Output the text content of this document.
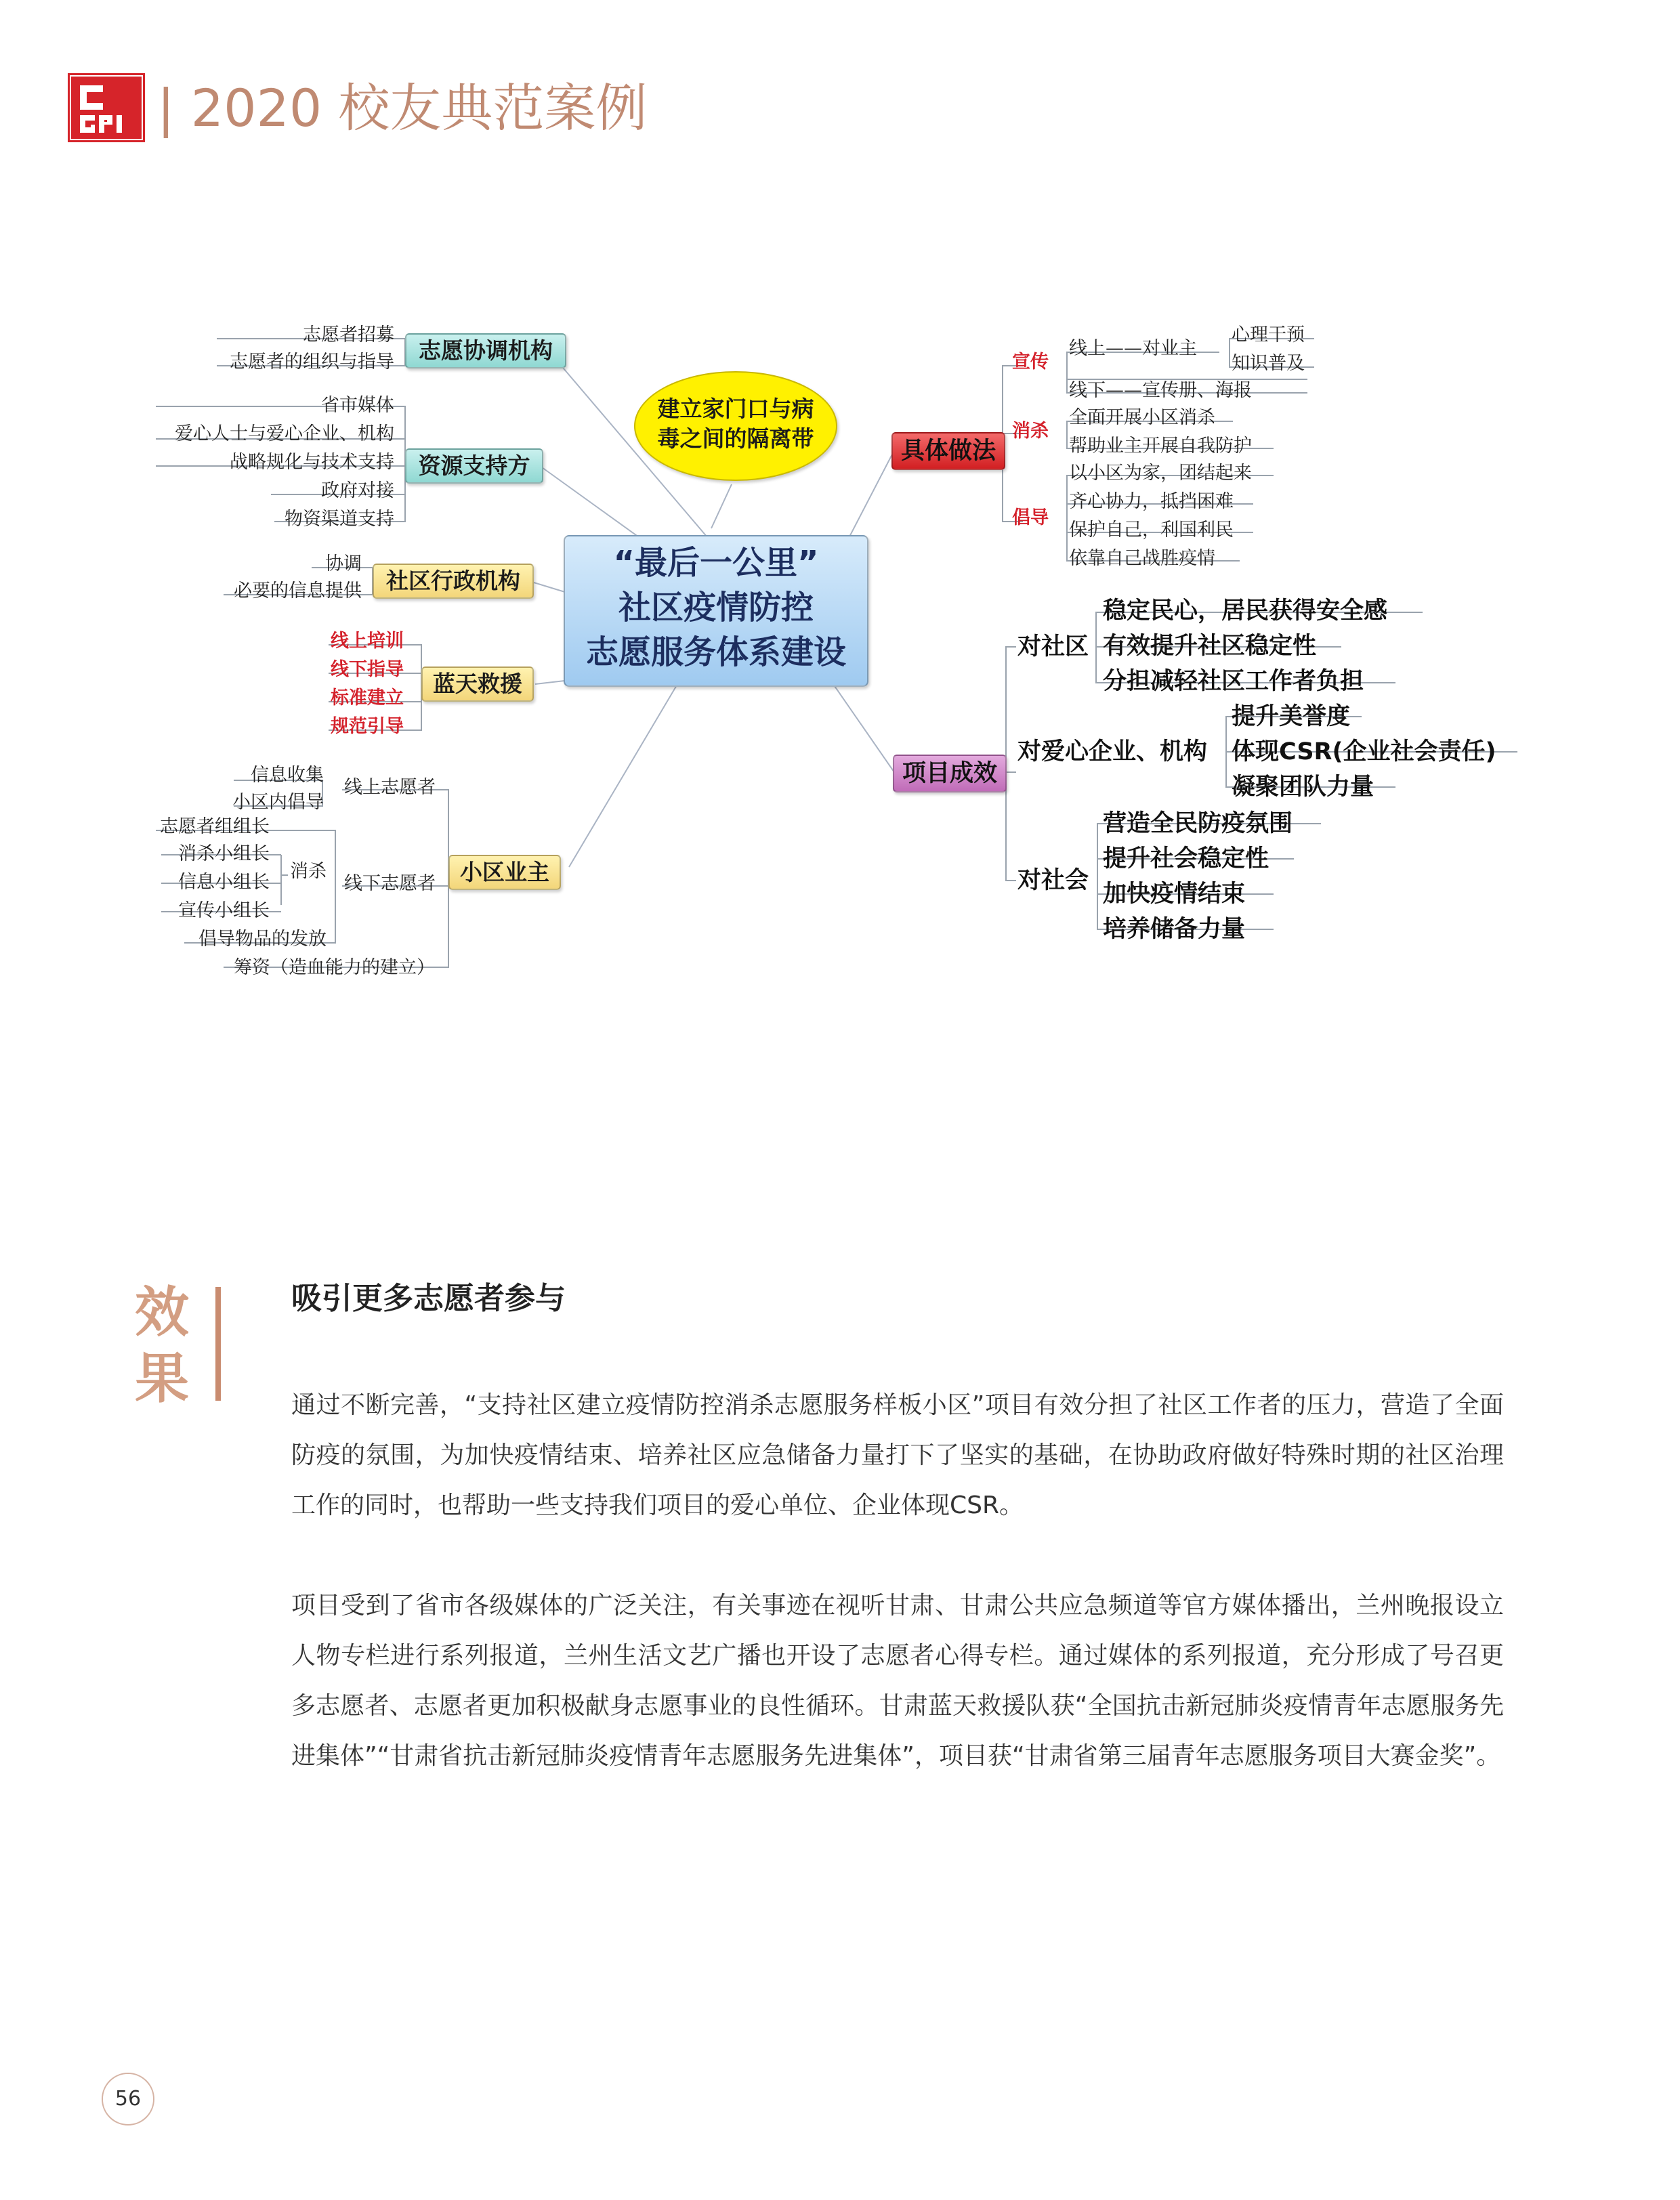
| 2020 校友典范案例
“最后一公里”
社区疫情防控
志愿服务体系建设
建立家门口与病
毒之间的隔离带
志愿协调机构
志愿者招募
志愿者的组织与指导
资源支持方
省市媒体
爱心人士与爱心企业、机构
战略规化与技术支持
政府对接
物资渠道支持
社区行政机构
协调
必要的信息提供
蓝天救援
线上培训
线下指导
标准建立
规范引导
小区业主
线上志愿者
信息收集
小区内倡导
线下志愿者
志愿者组组长
消杀
消杀小组长
信息小组长
宣传小组长
倡导物品的发放
筹资（造血能力的建立）
具体做法
宣传
线上——对业主
心理干预
知识普及
线下——宣传册、海报
消杀
全面开展小区消杀
帮助业主开展自我防护
倡导
以小区为家，团结起来
齐心协力，抵挡困难
保护自己，利国利民
依靠自己战胜疫情
项目成效
对社区
稳定民心，居民获得安全感
有效提升社区稳定性
分担减轻社区工作者负担
对爱心企业、机构
提升美誉度
体现CSR(企业社会责任)
凝聚团队力量
对社会
营造全民防疫氛围
提升社会稳定性
加快疫情结束
培养储备力量
效
果
吸引更多志愿者参与
通过不断完善，“支持社区建立疫情防控消杀志愿服务样板小区”项目有效分担了社区工作者的压力，营造了全面防疫的氛围，为加快疫情结束、培养社区应急储备力量打下了坚实的基础，在协助政府做好特殊时期的社区治理工作的同时，也帮助一些支持我们项目的爱心单位、企业体现CSR。
项目受到了省市各级媒体的广泛关注，有关事迹在视听甘肃、甘肃公共应急频道等官方媒体播出，兰州晚报设立人物专栏进行系列报道，兰州生活文艺广播也开设了志愿者心得专栏。通过媒体的系列报道，充分形成了号召更多志愿者、志愿者更加积极献身志愿事业的良性循环。甘肃蓝天救援队获“全国抗击新冠肺炎疫情青年志愿服务先进集体”“甘肃省抗击新冠肺炎疫情青年志愿服务先进集体”，项目获“甘肃省第三届青年志愿服务项目大赛金奖”。
56
